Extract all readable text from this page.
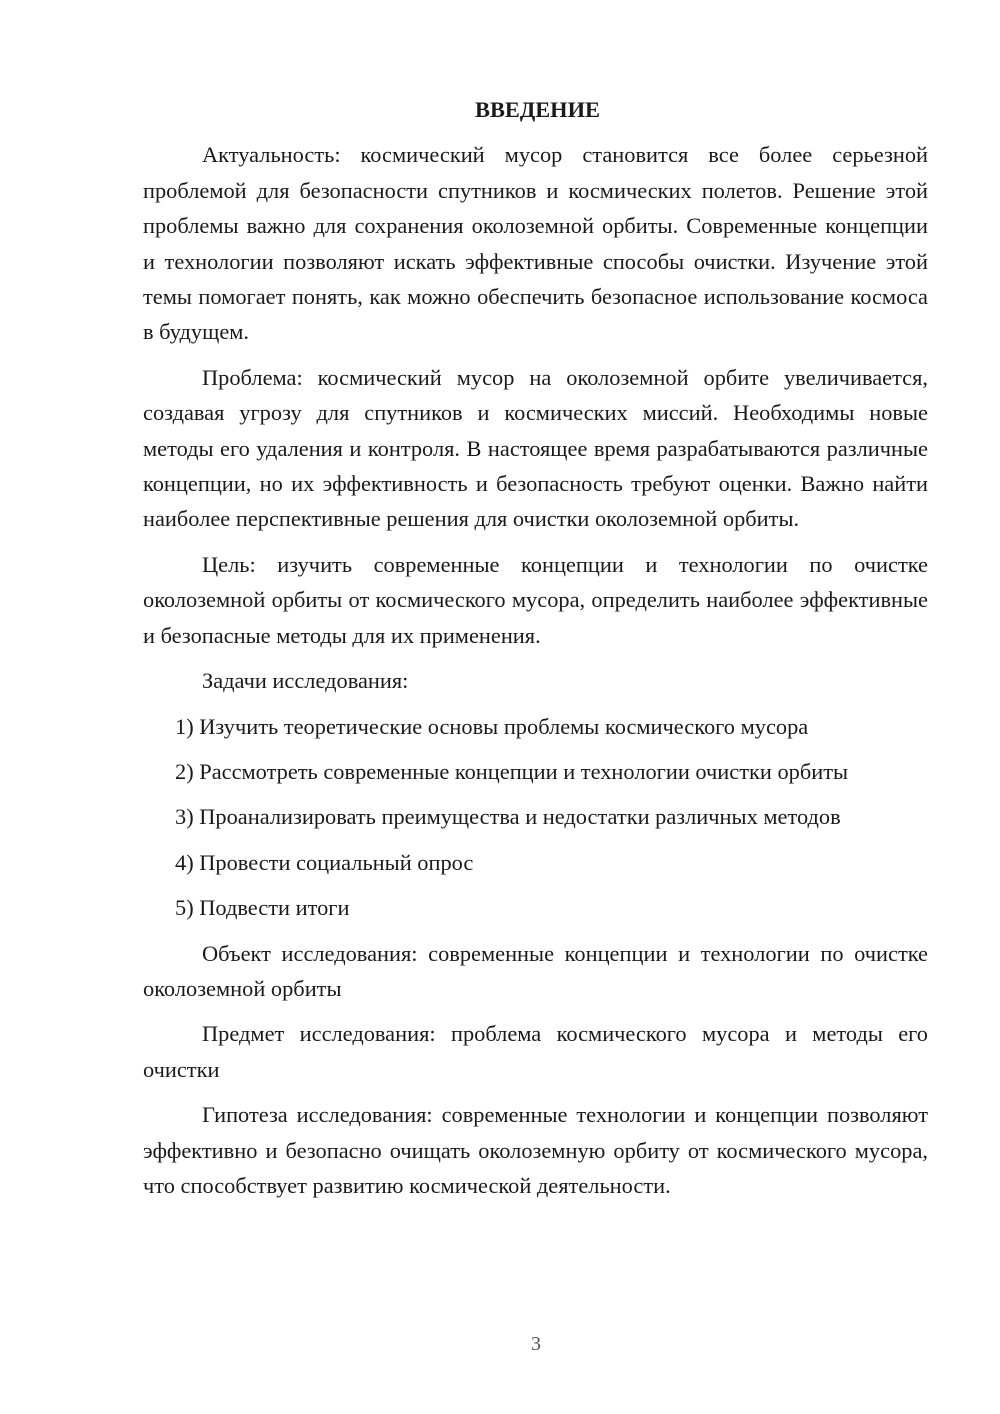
ВВЕДЕНИЕ

Актуальность: космический мусор становится все более серьезной проблемой для безопасности спутников и космических полетов. Решение этой проблемы важно для сохранения околоземной орбиты. Современные концепции и технологии позволяют искать эффективные способы очистки. Изучение этой темы помогает понять, как можно обеспечить безопасное использование космоса в будущем.

Проблема: космический мусор на околоземной орбите увеличивается, создавая угрозу для спутников и космических миссий. Необходимы новые методы его удаления и контроля. В настоящее время разрабатываются различные концепции, но их эффективность и безопасность требуют оценки. Важно найти наиболее перспективные решения для очистки околоземной орбиты.

Цель: изучить современные концепции и технологии по очистке околоземной орбиты от космического мусора, определить наиболее эффективные и безопасные методы для их применения.

Задачи исследования:

1) Изучить теоретические основы проблемы космического мусора
2) Рассмотреть современные концепции и технологии очистки орбиты
3) Проанализировать преимущества и недостатки различных методов
4) Провести социальный опрос
5) Подвести итоги

Объект исследования: современные концепции и технологии по очистке околоземной орбиты

Предмет исследования: проблема космического мусора и методы его очистки

Гипотеза исследования: современные технологии и концепции позволяют эффективно и безопасно очищать околоземную орбиту от космического мусора, что способствует развитию космической деятельности.

3
